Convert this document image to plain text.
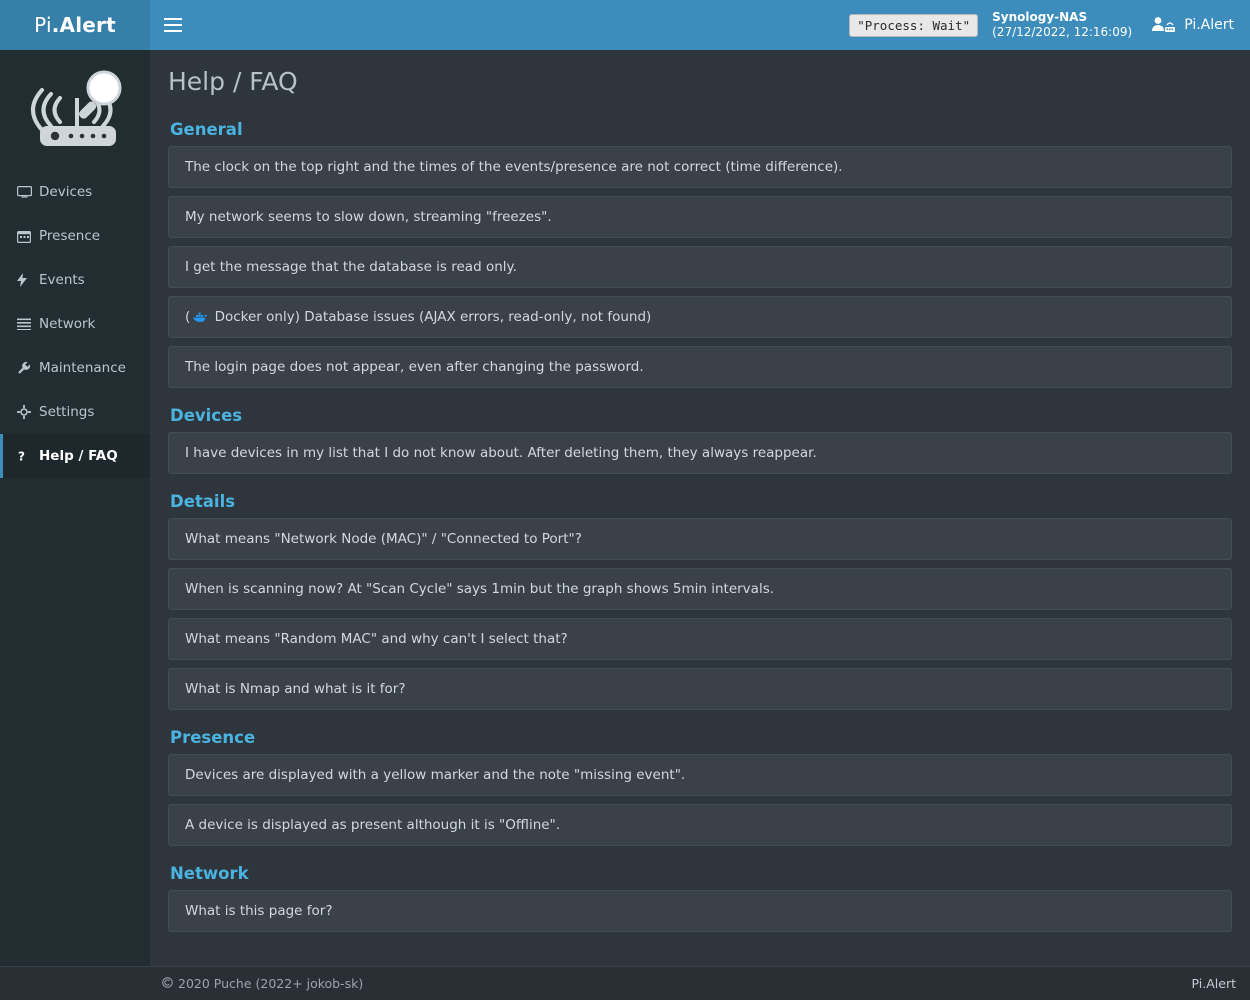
Pi .Alert	"Process: Wait"
Synology-NAS
(27/12/2022, 12:16:09)	Pi.Alert
Devices
Presence
Events
Network
Maintenance
Settings
? Help / FAQ
Help / FAQ
General
The clock on the top right and the times of the events/presence are not correct (time difference).
My network seems to slow down, streaming "freezes".
I get the message that the database is read only.
( Docker only) Database issues (AJAX errors, read-only, not found)
The login page does not appear, even after changing the password.
Devices
I have devices in my list that I do not know about. After deleting them, they always reappear.
Details
What means "Network Node (MAC)" / "Connected to Port"?
When is scanning now? At "Scan Cycle" says 1min but the graph shows 5min intervals.
What means "Random MAC" and why can't I select that?
What is Nmap and what is it for?
Presence
Devices are displayed with a yellow marker and the note "missing event".
A device is displayed as present although it is "Offline".
Network
What is this page for?
2020 Puche (2022+ jokob-sk)	Pi.Alert
